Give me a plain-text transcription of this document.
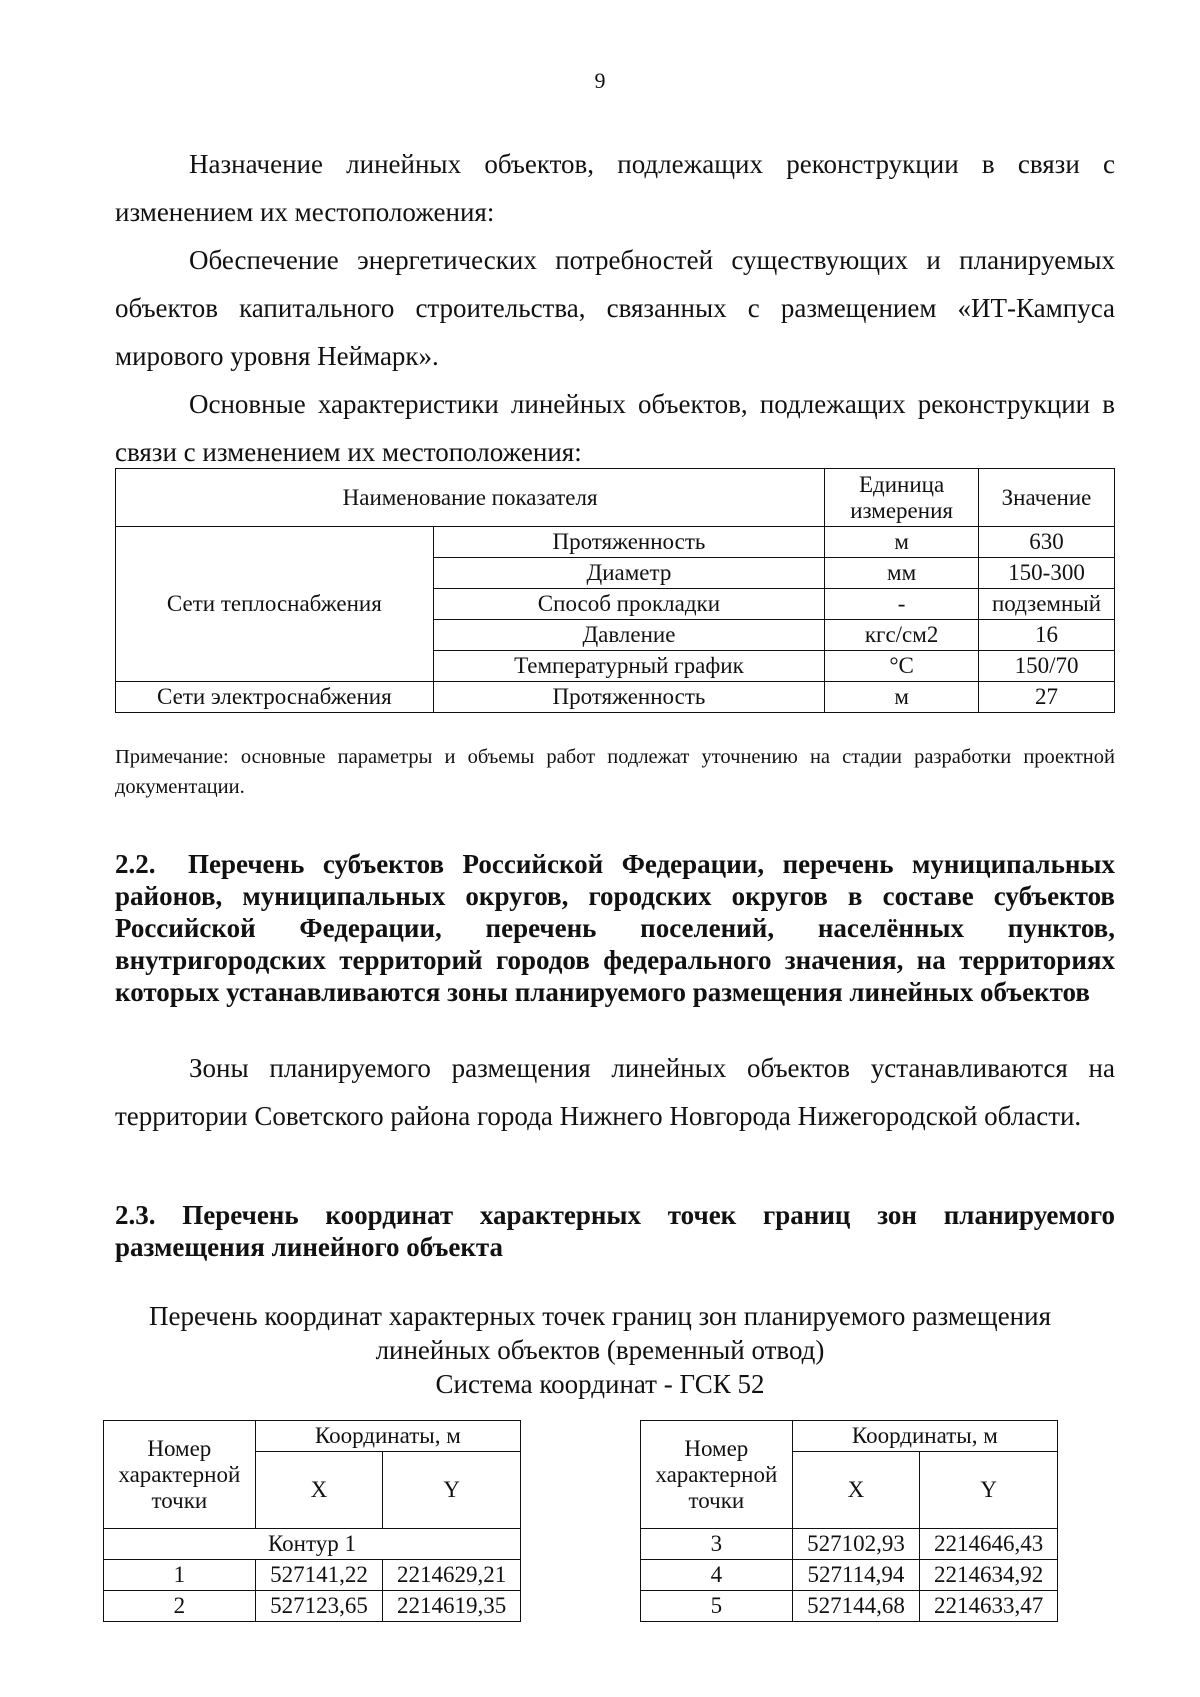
9

Назначение линейных объектов, подлежащих реконструкции в связи с изменением их местоположения:

Обеспечение энергетических потребностей существующих и планируемых объектов капитального строительства, связанных с размещением «ИТ-Кампуса мирового уровня Неймарк».

Основные характеристики линейных объектов, подлежащих реконструкции в связи с изменением их местоположения:

Наименование показателя		Единица измерения	Значение
Сети теплоснабжения	Протяженность	м	630
	Диаметр	мм	150-300
	Способ прокладки	-	подземный
	Давление	кгс/см2	16
	Температурный график	°С	150/70
Сети электроснабжения	Протяженность	м	27

Примечание: основные параметры и объемы работ подлежат уточнению на стадии разработки проектной документации.

2.2. Перечень субъектов Российской Федерации, перечень муниципальных районов, муниципальных округов, городских округов в составе субъектов Российской Федерации, перечень поселений, населённых пунктов, внутригородских территорий городов федерального значения, на территориях которых устанавливаются зоны планируемого размещения линейных объектов

Зоны планируемого размещения линейных объектов устанавливаются на территории Советского района города Нижнего Новгорода Нижегородской области.

2.3. Перечень координат характерных точек границ зон планируемого размещения линейного объекта
Перечень координат характерных точек границ зон планируемого размещения
линейных объектов (временный отвод)
Система координат - ГСК 52
Номер характерной точки	Координаты, м	
	X	Y
Контур 1		
1	527141,22	2214629,21
2	527123,65	2214619,35
Номер характерной точки	Координаты, м	
	X	Y
3	527102,93	2214646,43
4	527114,94	2214634,92
5	527144,68	2214633,47
